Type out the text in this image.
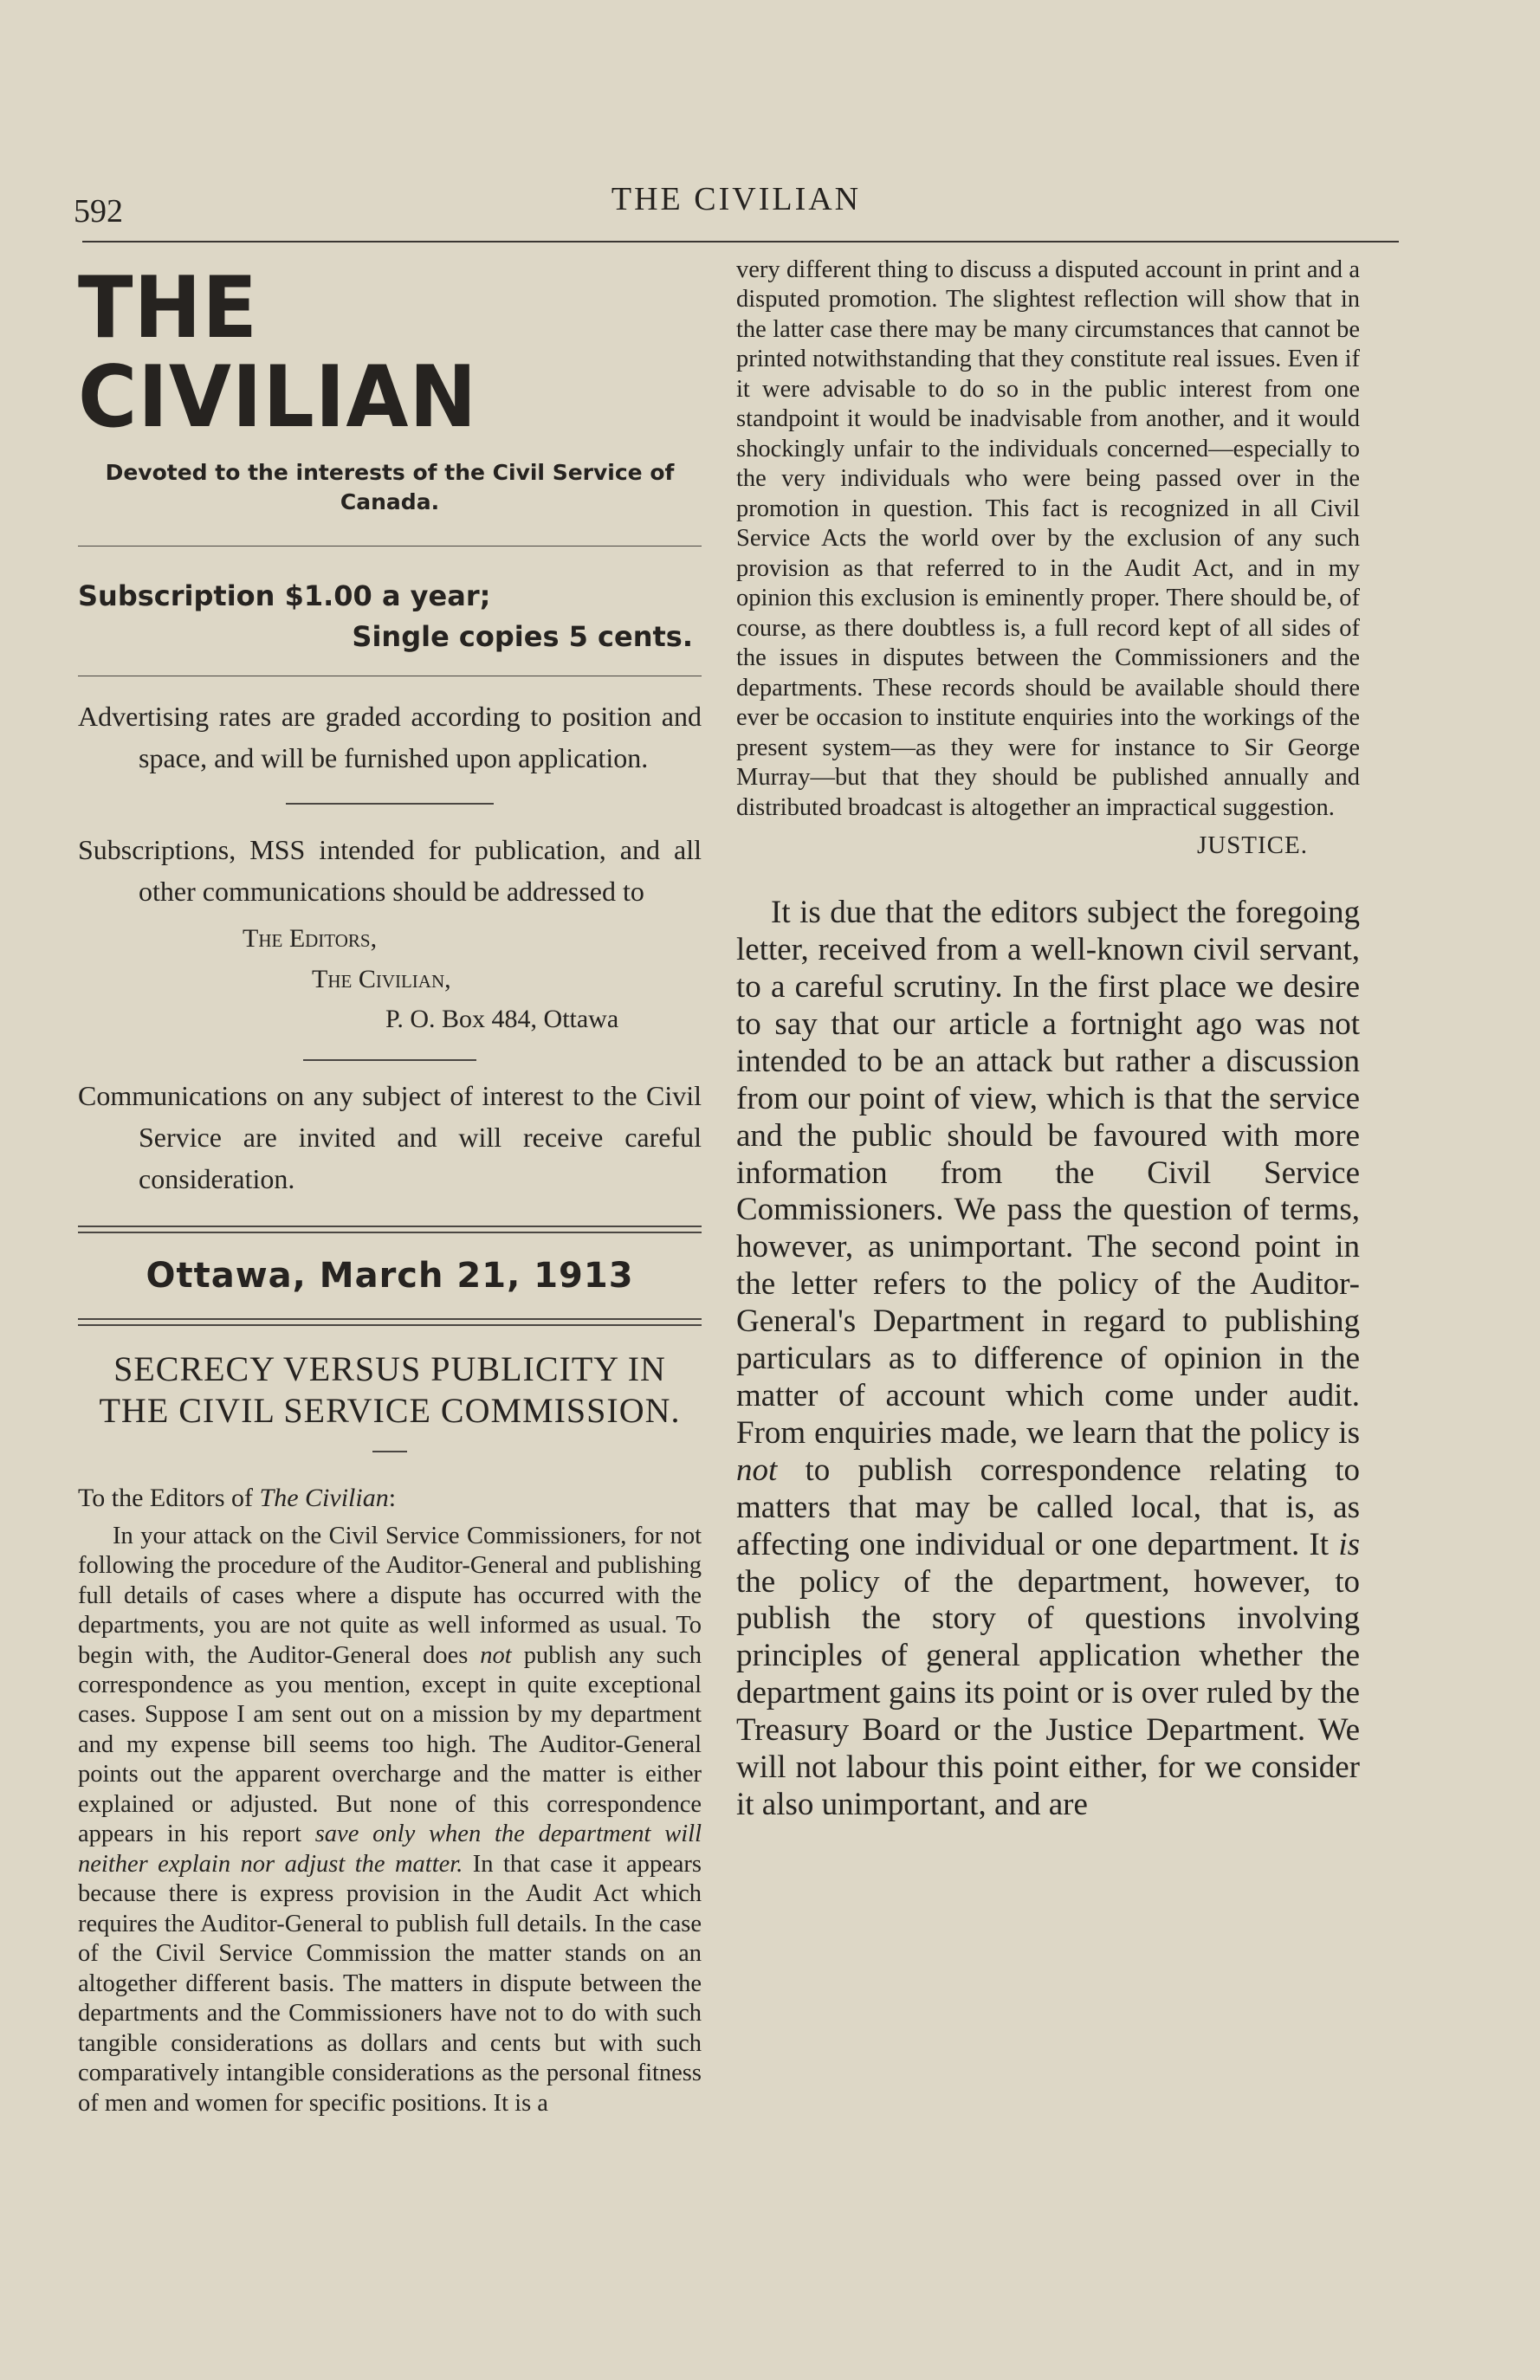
592	THE CIVILIAN
THE CIVILIAN
Devoted to the interests of the Civil Service of Canada.
Subscription $1.00 a year;
Single copies 5 cents.
Advertising rates are graded according to position and space, and will be furnished upon application.
Subscriptions, MSS intended for publication, and all other communications should be addressed to
The Editors,
The Civilian,
P. O. Box 484, Ottawa
Communications on any subject of interest to the Civil Service are invited and will receive careful consideration.
Ottawa, March 21, 1913
SECRECY VERSUS PUBLICITY IN THE CIVIL SERVICE COMMISSION.
To the Editors of The Civilian:
In your attack on the Civil Service Commissioners, for not following the procedure of the Auditor-General and publishing full details of cases where a dispute has occurred with the departments, you are not quite as well informed as usual. To begin with, the Auditor-General does not publish any such correspondence as you mention, except in quite exceptional cases. Suppose I am sent out on a mission by my department and my expense bill seems too high. The Auditor-General points out the apparent overcharge and the matter is either explained or adjusted. But none of this correspondence appears in his report save only when the department will neither explain nor adjust the matter. In that case it appears because there is express provision in the Audit Act which requires the Auditor-General to publish full details. In the case of the Civil Service Commission the matter stands on an altogether different basis. The matters in dispute between the departments and the Commissioners have not to do with such tangible considerations as dollars and cents but with such comparatively intangible considerations as the personal fitness of men and women for specific positions. It is a
very different thing to discuss a disputed account in print and a disputed promotion. The slightest reflection will show that in the latter case there may be many circumstances that cannot be printed notwithstanding that they constitute real issues. Even if it were advisable to do so in the public interest from one standpoint it would be inadvisable from another, and it would shockingly unfair to the individuals concerned—especially to the very individuals who were being passed over in the promotion in question. This fact is recognized in all Civil Service Acts the world over by the exclusion of any such provision as that referred to in the Audit Act, and in my opinion this exclusion is eminently proper. There should be, of course, as there doubtless is, a full record kept of all sides of the issues in disputes between the Commissioners and the departments. These records should be available should there ever be occasion to institute enquiries into the workings of the present system—as they were for instance to Sir George Murray—but that they should be published annually and distributed broadcast is altogether an impractical suggestion.
JUSTICE.
It is due that the editors subject the foregoing letter, received from a well-known civil servant, to a careful scrutiny. In the first place we desire to say that our article a fortnight ago was not intended to be an attack but rather a discussion from our point of view, which is that the service and the public should be favoured with more information from the Civil Service Commissioners. We pass the question of terms, however, as unimportant. The second point in the letter refers to the policy of the Auditor-General's Department in regard to publishing particulars as to difference of opinion in the matter of account which come under audit. From enquiries made, we learn that the policy is not to publish correspondence relating to matters that may be called local, that is, as affecting one individual or one department. It is the policy of the department, however, to publish the story of questions involving principles of general application whether the department gains its point or is over ruled by the Treasury Board or the Justice Department. We will not labour this point either, for we consider it also unimportant, and are
